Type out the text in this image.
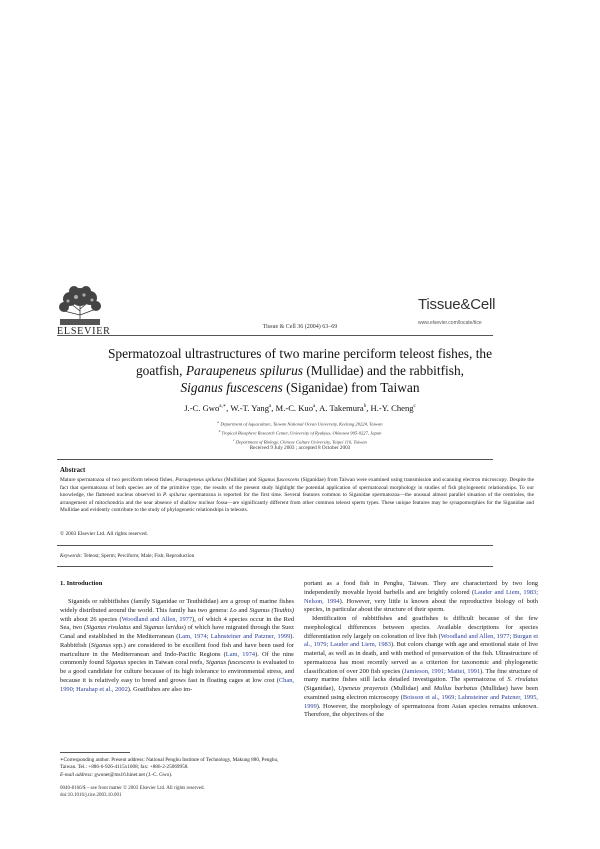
ELSEVIER	Tissue & Cell 36 (2004) 63–69
Tissue&Cell
www.elsevier.com/locate/tice
Spermatozoal ultrastructures of two marine perciform teleost fishes, the
goatfish, Paraupeneus spilurus (Mullidae) and the rabbitfish,
Siganus fuscescens (Siganidae) from Taiwan
J.-C. Gwo$^{a,∗}$, W.-T. Yang$^a$, M.-C. Kuo$^a$, A. Takemura$^b$, H.-Y. Cheng$^c$
$^a$ Department of Aquaculture, Taiwan National Ocean University, Keelung 20224, Taiwan
$^b$ Tropical Biosphere Research Center, University of Ryukyus, Okinawa 905-0227, Japan
$^c$ Department of Biology, Chinese Culture University, Taipei 110, Taiwan
Received 9 July 2003 ; accepted 8 October 2003
Abstract
Mature spermatozoa of two perciform teleost fishes, Paraupeneus spilurus (Mullidae) and Siganus fuscescens (Siganidae) from Taiwan were examined using transmission and scanning electron microscopy. Despite the fact that spermatozoa of both species are of the primitive type, the results of the present study highlight the potential application of spermatozoal morphology in studies of fish phylogenetic relationships. To our knowledge, the flattened nucleus observed in P. spilurus spermatozoa is reported for the first time. Several features common to Siganidae spermatozoa—the unusual almost parallel situation of the centrioles, the arrangement of mitochondria and the near absence of shallow nuclear fossa—are significantly different from other common teleost sperm types. These unique features may be synapomorphies for the Siganidae and Mullidae and evidently contribute to the study of phylogenetic relationships in teleosts.
© 2003 Elsevier Ltd. All rights reserved.
Keywords: Teleost; Sperm; Perciform; Male; Fish; Reproduction
1. Introduction

Siganids or rabbitfishes (family Siganidae or Teuthididae) are a group of marine fishes widely distributed around the world. This family has two genera: Lo and Siganus (Teuthis) with about 26 species (Woodland and Allen, 1977), of which 4 species occur in the Red Sea, two (Siganus rivulatus and Siganus luridus) of which have migrated through the Suez Canal and established in the Mediterranean (Lam, 1974; Lahnsteiner and Patzner, 1999). Rabbitfish (Siganus spp.) are considered to be excellent food fish and have been used for mariculture in the Mediterranean and Indo-Pacific Regions (Lam, 1974). Of the nine commonly found Siganus species in Taiwan coral reefs, Siganus fuscescens is evaluated to be a good candidate for culture because of its high tolerance to environmental stress, and because it is relatively easy to breed and grows fast in floating cages at low cost (Chan, 1990; Harahap et al., 2002). Goatfishes are also im-

portant as a food fish in Penghu, Taiwan. They are characterized by two long independently movable hyoid barbells and are brightly colored (Lauder and Liem, 1983; Nelson, 1994). However, very little is known about the reproductive biology of both species, in particular about the structure of their sperm.

Identification of rabbitfishes and goatfishes is difficult because of the few morphological differences between species. Available descriptions for species differentiation rely largely on coloration of live fish (Woodland and Allen, 1977; Burgan et al., 1979; Lauder and Liem, 1983). But colors change with age and emotional state of live material, as well as in death, and with method of preservation of the fish. Ultrastructure of spermatozoa has most recently served as a criterion for taxonomic and phylogenetic classification of over 200 fish species (Jamieson, 1991; Mattei, 1991). The fine structure of many marine fishes still lacks detailed investigation. The spermatozoa of S. rivulatus (Siganidae), Upeneus prayensis (Mullidae) and Mullus barbatus (Mullidae) have been examined using electron microscopy (Boisson et al., 1969; Lahnsteiner and Patzner, 1995, 1999). However, the morphology of spermatozoa from Asian species remains unknown. Therefore, the objectives of the

∗Corresponding author. Present address: National Penghu Institute of Technology, Makung 880, Penghu, Taiwan. Tel.: +886-6-926-4115x1008; fax: +886-2-25069958.
E-mail address: gwonet@ms16.hinet.net (J.-C. Gwo).
0040-8166/$ – see front matter © 2003 Elsevier Ltd. All rights reserved.
doi:10.1016/j.tice.2003.10.001
